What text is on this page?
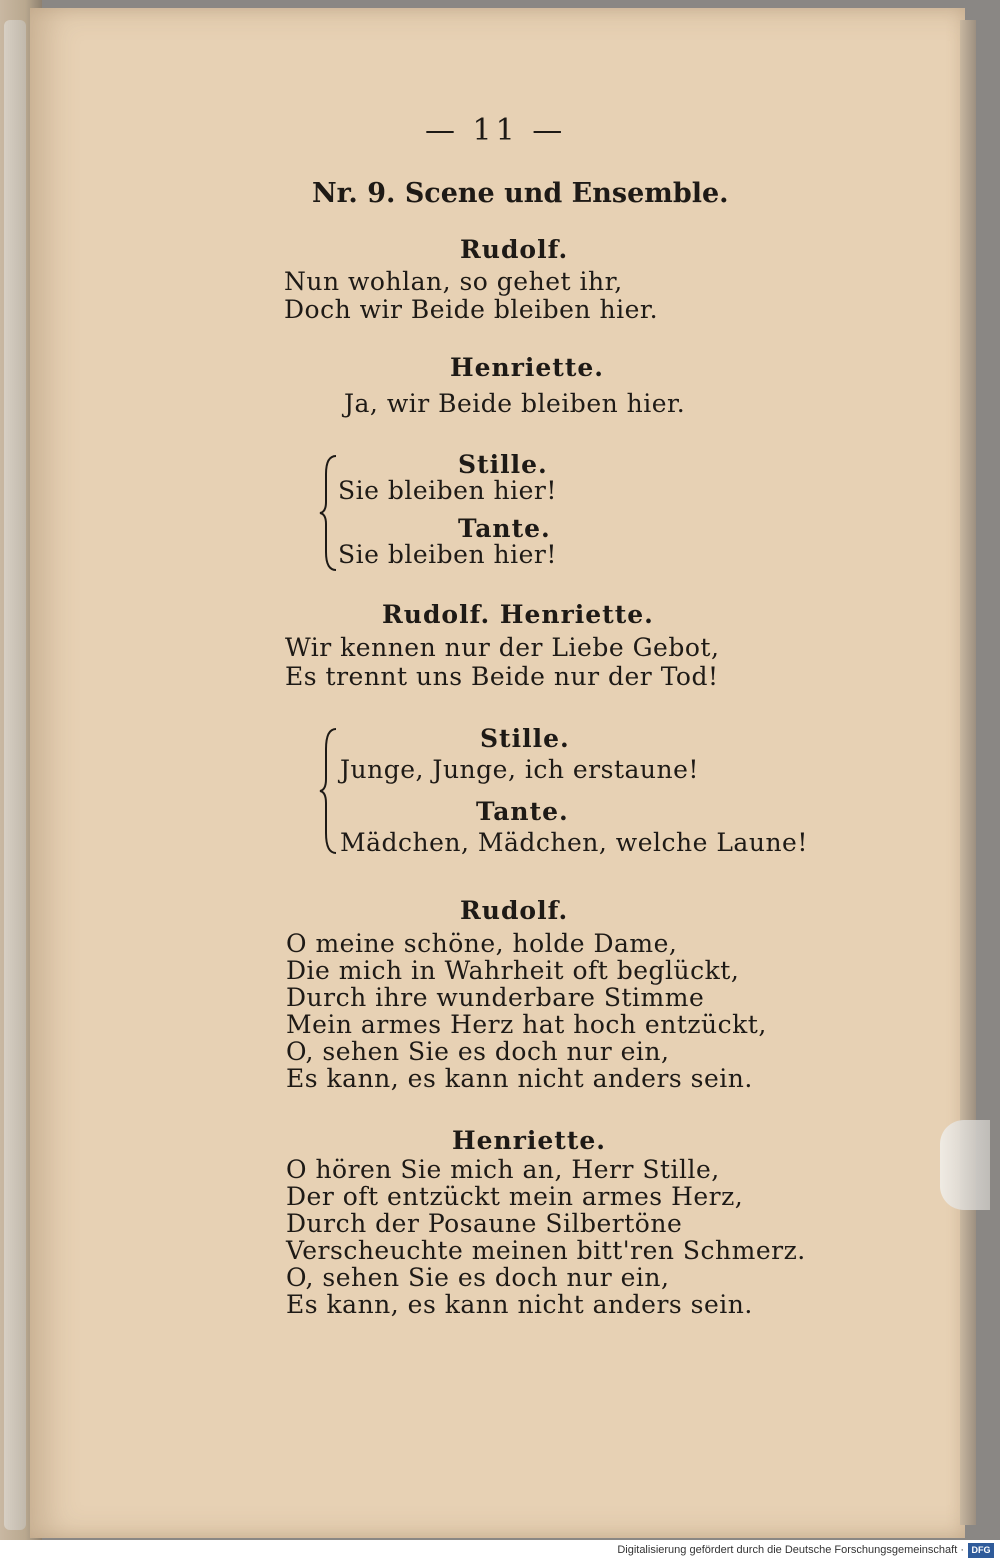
— 11 —
Nr. 9. Scene und Ensemble.
Rudolf.
Nun wohlan, so gehet ihr,
Doch wir Beide bleiben hier.
Henriette.
Ja, wir Beide bleiben hier.
Stille.
Sie bleiben hier!
Tante.
Sie bleiben hier!
Rudolf. Henriette.
Wir kennen nur der Liebe Gebot,
Es trennt uns Beide nur der Tod!
Stille.
Junge, Junge, ich erstaune!
Tante.
Mädchen, Mädchen, welche Laune!
Rudolf.
O meine schöne, holde Dame,
Die mich in Wahrheit oft beglückt,
Durch ihre wunderbare Stimme
Mein armes Herz hat hoch entzückt,
O, sehen Sie es doch nur ein,
Es kann, es kann nicht anders sein.
Henriette.
O hören Sie mich an, Herr Stille,
Der oft entzückt mein armes Herz,
Durch der Posaune Silbertöne
Verscheuchte meinen bitt'ren Schmerz.
O, sehen Sie es doch nur ein,
Es kann, es kann nicht anders sein.
Digitalisierung gefördert durch die Deutsche Forschungsgemeinschaft · DFG
